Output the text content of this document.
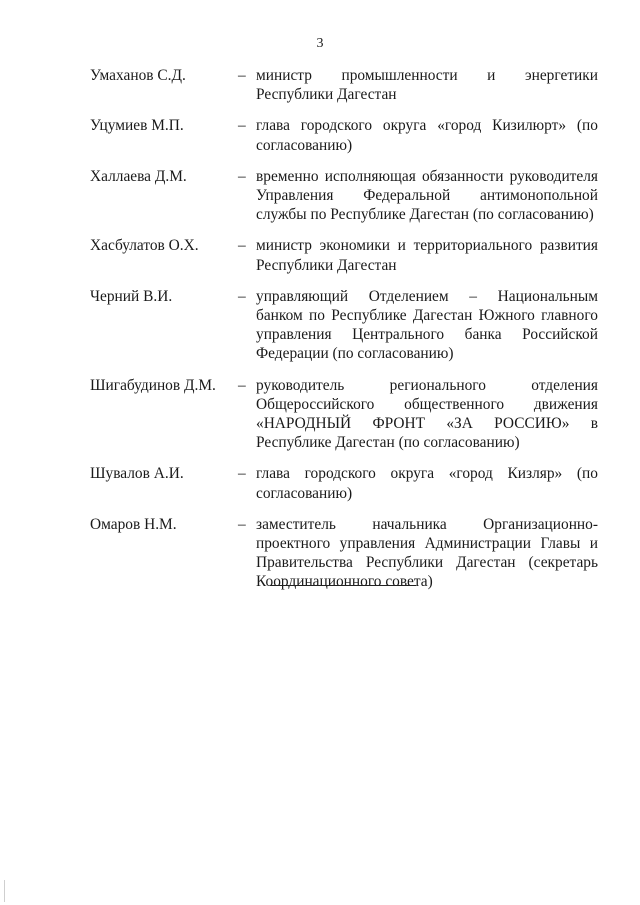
3
Умаханов С.Д.	– министр промышленности и энергетики Республики Дагестан
Уцумиев М.П.	– глава городского округа «город Кизилюрт» (по согласованию)
Халлаева Д.М.	– временно исполняющая обязанности руководителя Управления Федеральной антимонопольной службы по Республике Дагестан (по согласованию)
Хасбулатов О.Х.	– министр экономики и территориального развития Республики Дагестан
Черний В.И.	– управляющий Отделением – Национальным банком по Республике Дагестан Южного главного управления Центрального банка Российской Федерации (по согласованию)
Шигабудинов Д.М.	– руководитель регионального отделения Общероссийского общественного движения «НАРОДНЫЙ ФРОНТ «ЗА РОССИЮ» в Республике Дагестан (по согласованию)
Шувалов А.И.	– глава городского округа «город Кизляр» (по согласованию)
Омаров Н.М.	– заместитель начальника Организационно-проектного управления Администрации Главы и Правительства Республики Дагестан (секретарь Координационного совета)
